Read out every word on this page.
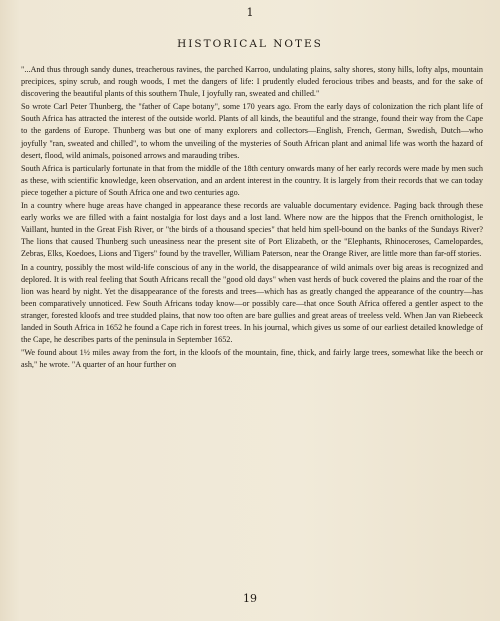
1
HISTORICAL NOTES

"...And thus through sandy dunes, treacherous ravines, the parched Karroo, undulating plains, salty shores, stony hills, lofty alps, mountain precipices, spiny scrub, and rough woods, I met the dangers of life: I prudently eluded ferocious tribes and beasts, and for the sake of discovering the beautiful plants of this southern Thule, I joyfully ran, sweated and chilled."

So wrote Carl Peter Thunberg, the "father of Cape botany", some 170 years ago. From the early days of colonization the rich plant life of South Africa has attracted the interest of the outside world. Plants of all kinds, the beautiful and the strange, found their way from the Cape to the gardens of Europe. Thunberg was but one of many explorers and collectors—English, French, German, Swedish, Dutch—who joyfully "ran, sweated and chilled", to whom the unveiling of the mysteries of South African plant and animal life was worth the hazard of desert, flood, wild animals, poisoned arrows and marauding tribes.

South Africa is particularly fortunate in that from the middle of the 18th century onwards many of her early records were made by men such as these, with scientific knowledge, keen observation, and an ardent interest in the country. It is largely from their records that we can today piece together a picture of South Africa one and two centuries ago.

In a country where huge areas have changed in appearance these records are valuable documentary evidence. Paging back through these early works we are filled with a faint nostalgia for lost days and a lost land. Where now are the hippos that the French ornithologist, le Vaillant, hunted in the Great Fish River, or "the birds of a thousand species" that held him spell-bound on the banks of the Sundays River? The lions that caused Thunberg such uneasiness near the present site of Port Elizabeth, or the "Elephants, Rhinoceroses, Camelopardes, Zebras, Elks, Koedoes, Lions and Tigers" found by the traveller, William Paterson, near the Orange River, are little more than far-off stories.

In a country, possibly the most wild-life conscious of any in the world, the disappearance of wild animals over big areas is recognized and deplored. It is with real feeling that South Africans recall the "good old days" when vast herds of buck covered the plains and the roar of the lion was heard by night. Yet the disappearance of the forests and trees—which has as greatly changed the appearance of the country—has been comparatively unnoticed. Few South Africans today know—or possibly care—that once South Africa offered a gentler aspect to the stranger, forested kloofs and tree studded plains, that now too often are bare gullies and great areas of treeless veld. When Jan van Riebeeck landed in South Africa in 1652 he found a Cape rich in forest trees. In his journal, which gives us some of our earliest detailed knowledge of the Cape, he describes parts of the peninsula in September 1652.

"We found about 1½ miles away from the fort, in the kloofs of the mountain, fine, thick, and fairly large trees, somewhat like the beech or ash," he wrote. "A quarter of an hour further on

19
